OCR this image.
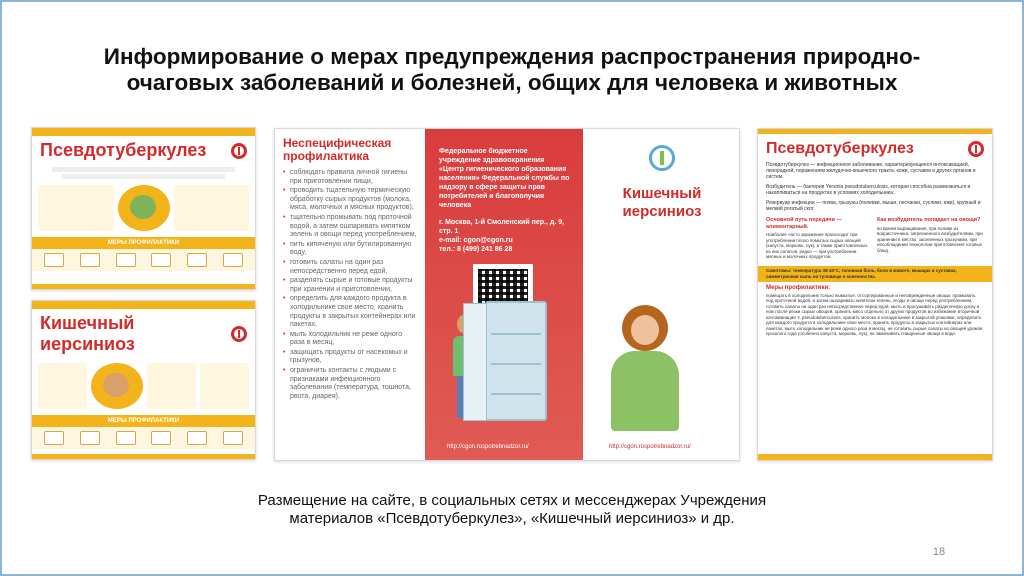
Информирование о мерах предупреждения распространения природно-
очаговых заболеваний и болезней, общих для человека и животных
Псевдотуберкулез
МЕРЫ ПРОФИЛАКТИКИ
Кишечный иерсиниоз
МЕРЫ ПРОФИЛАКТИКИ
Неспецифическая профилактика
• соблюдать правила личной гигиены при приготовлении пищи,
• проводить тщательную термическую обработку сырых продуктов (молока, мяса, молочных и мясных продуктов),
• тщательно промывать под проточной водой, а затем ошпаривать кипятком зелень и овощи перед употреблением,
• пить кипяченую или бутилированную воду,
• готовить салаты на один раз непосредственно перед едой,
• разделять сырые и готовые продукты при хранении и приготовлении,
• определить для каждого продукта в холодильнике свое место, хранить продукты в закрытых контейнерах или пакетах,
• мыть холодильник не реже одного раза в месяц,
• защищать продукты от насекомых и грызунов,
• ограничить контакты с людьми с признаками инфекционного заболевания (температура, тошнота, рвота, диарея).
Федеральное бюджетное учреждение здравоохранения «Центр гигиенического образования населения» Федеральной службы по надзору в сфере защиты прав потребителей и благополучия человека
г. Москва, 1-й Смоленский пер., д. 9, стр. 1
e-mail: cgon@cgon.ru
тел.: 8 (499) 241 86 28
http://cgon.rospotrebnadzor.ru/
Кишечный иерсиниоз
http://cgon.rospotrebnadzor.ru/
Псевдотуберкулез
Псевдотуберкулез — инфекционное заболевание, характеризующееся интоксикацией, лихорадкой, поражением желудочно-кишечного тракта, кожи, суставов и других органов и систем.
Возбудитель — бактерия Yersinia pseudotuberculosis, которая способна размножаться и накапливаться на продуктах в условиях холодильника.
Резервуар инфекции — почва, грызуны (полевки, мыши, песчанки, суслики, ежи), крупный и мелкий рогатый скот.
Основной путь передачи — алиментарный.
Наиболее часто заражение происходит при употреблении плохо помытых сырых овощей (капуста, морковь, лук), а также приготовленных из них салатов, редко — при употреблении мясных и молочных продуктов.
Как возбудитель попадает на овощи?
во время выращивания, при поливе из водоисточника, загрязненного возбудителями, при хранении в местах, заселенных грызунами, при несоблюдении технологии приготовления готовых блюд.
Симптомы: температура 38-40°С, головная боль, боли в животе, мышцах и суставах, симметричная сыпь на туловище и конечностях.
Меры профилактики:
помещать в холодильник только вымытые, отсортированные и неповрежденные овощи, промывать под проточной водой, а затем ошпаривать кипятком зелень, ягоды и овощи перед употреблением, готовить салаты на один раз непосредственно перед едой, мыть и просушивать разделочную доску и нож после резки сырых овощей, хранить мясо отдельно от других продуктов во избежание вторичной контаминации Y. pseudotuberculosis, хранить молоко в холодильнике в закрытой упаковке, определить для каждого продукта в холодильнике свое место, хранить продукты в закрытых контейнерах или пакетах, мыть холодильник не реже одного раза в месяц, не готовить сырые салаты из овощей урожая прошлого года (особенно капуста, морковь, лук), не замачивать очищенные овощи в воде.
Размещение на сайте, в социальных сетях и мессенджерах Учреждения
материалов «Псевдотуберкулез», «Кишечный иерсиниоз» и др.
18
